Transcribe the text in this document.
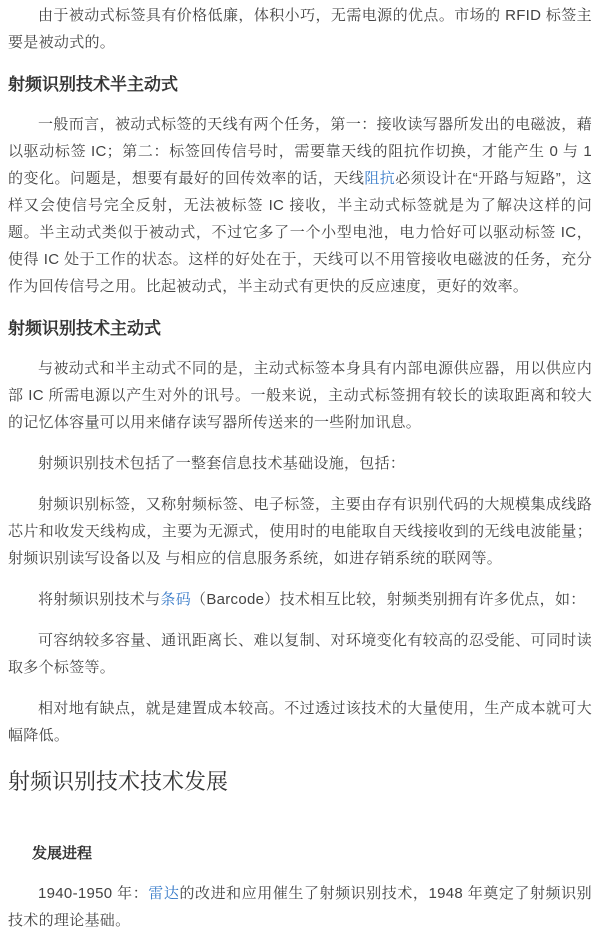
由于被动式标签具有价格低廉，体积小巧，无需电源的优点。市场的 RFID 标签主要是被动式的。

射频识别技术半主动式

一般而言，被动式标签的天线有两个任务，第一：接收读写器所发出的电磁波，藉以驱动标签 IC；第二：标签回传信号时，需要靠天线的阻抗作切换，才能产生 0 与 1 的变化。问题是，想要有最好的回传效率的话，天线阻抗必须设计在“开路与短路”，这样又会使信号完全反射，无法被标签 IC 接收，半主动式标签就是为了解决这样的问题。半主动式类似于被动式，不过它多了一个小型电池，电力恰好可以驱动标签 IC，使得 IC 处于工作的状态。这样的好处在于，天线可以不用管接收电磁波的任务，充分作为回传信号之用。比起被动式，半主动式有更快的反应速度，更好的效率。

射频识别技术主动式

与被动式和半主动式不同的是，主动式标签本身具有内部电源供应器，用以供应内部 IC 所需电源以产生对外的讯号。一般来说，主动式标签拥有较长的读取距离和较大的记忆体容量可以用来储存读写器所传送来的一些附加讯息。

射频识别技术包括了一整套信息技术基础设施，包括：

射频识别标签，又称射频标签、电子标签，主要由存有识别代码的大规模集成线路芯片和收发天线构成，主要为无源式，使用时的电能取自天线接收到的无线电波能量；射频识别读写设备以及 与相应的信息服务系统，如进存销系统的联网等。

将射频识别技术与条码（Barcode）技术相互比较，射频类别拥有许多优点，如：

可容纳较多容量、通讯距离长、难以复制、对环境变化有较高的忍受能、可同时读取多个标签等。

相对地有缺点，就是建置成本较高。不过透过该技术的大量使用，生产成本就可大幅降低。

射频识别技术技术发展
发展进程

1940-1950 年：雷达的改进和应用催生了射频识别技术，1948 年奠定了射频识别技术的理论基础。
